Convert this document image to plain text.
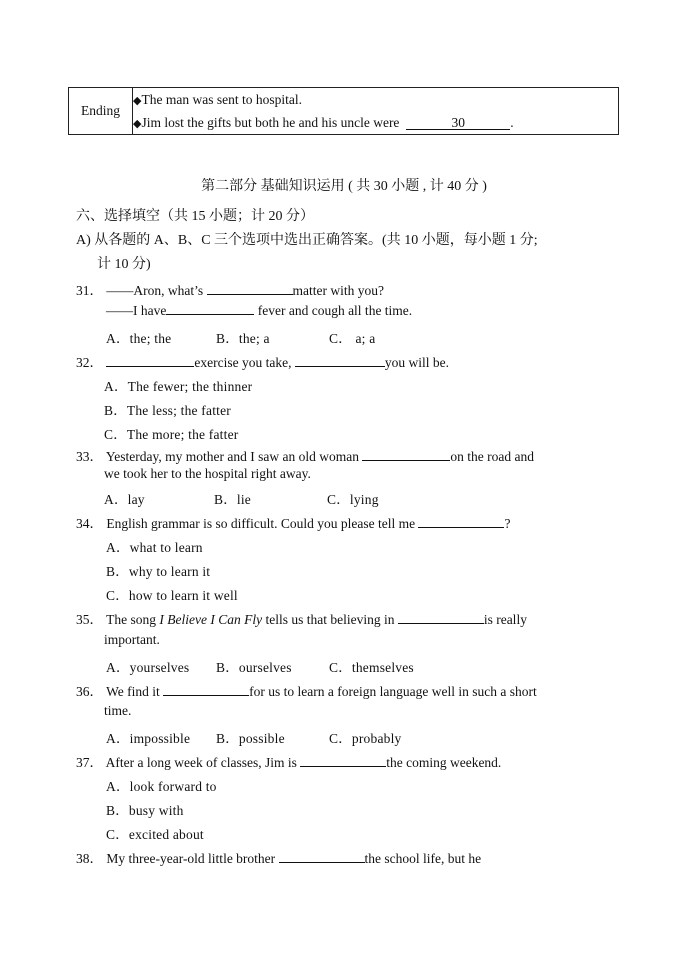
Ending	
◆The man was sent to hospital.
◆Jim lost the gifts but both he and his uncle were	30	.
第二部分 基础知识运用 ( 共 30 小题 , 计 40 分 )
六、选择填空（共 15 小题；计 20 分）
A) 从各题的 A、B、C 三个选项中选出正确答案。(共 10 小题，每小题 1 分;
计 10 分)
31． ——Aron, what’s	matter with you?
——I have	fever and cough all the time.
A．the; the	B．the; a	C． a; a
32．	exercise you take,	you will be.
A．The fewer; the thinner
B．The less; the fatter
C．The more; the fatter
33． Yesterday, my mother and I saw an old woman	on the road and
we took her to the hospital right away.
A．lay	B．lie	C．lying
34． English grammar is so difficult. Could you please tell me	?
A．what to learn
B．why to learn it
C．how to learn it well
35． The song I Believe I Can Fly tells us that believing in	is really
important.
A．yourselves B．ourselves	C．themselves
36． We find it	for us to learn a foreign language well in such a short
time.
A．impossible B．possible	C．probably
37． After a long week of classes, Jim is	the coming weekend.
A．look forward to
B．busy with
C．excited about
38． My three-year-old little brother	the school life, but he
